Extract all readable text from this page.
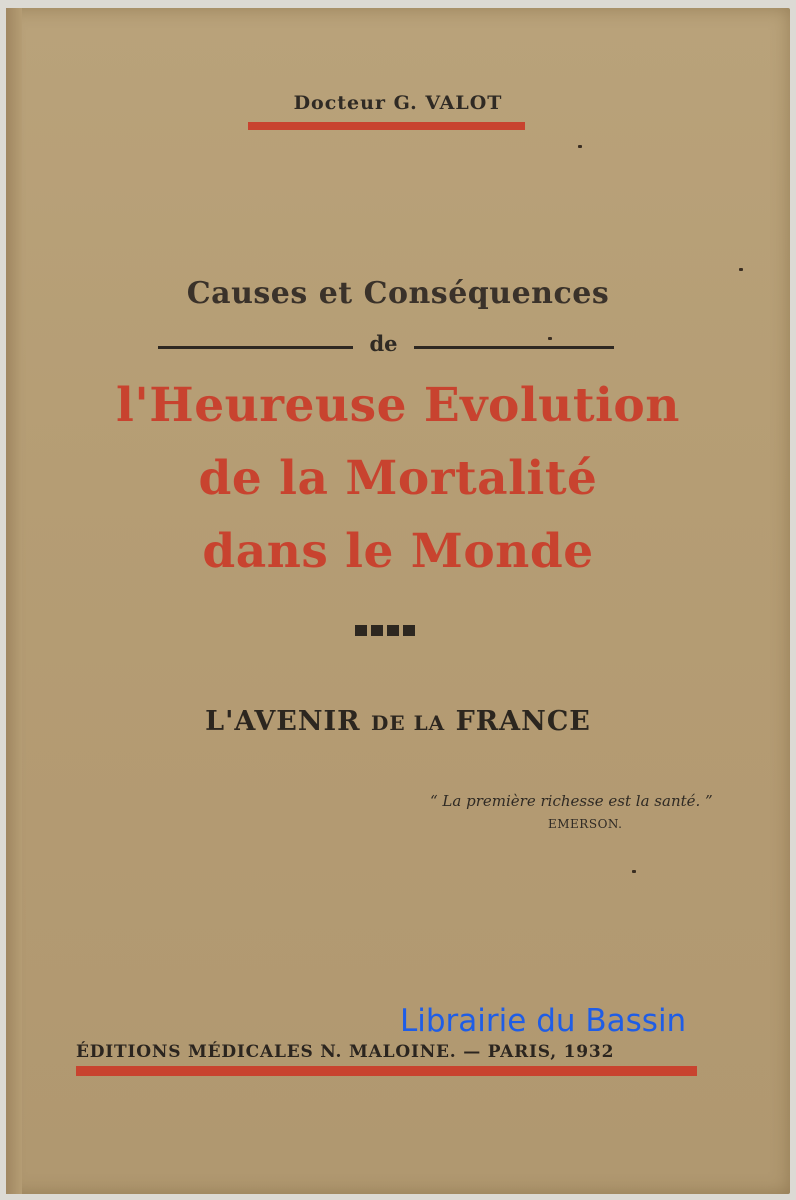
Docteur G. VALOT
Causes et Conséquences
de
l'Heureuse Evolution
de la Mortalité
dans le Monde
L'AVENIR DE LA FRANCE
“ La première richesse est la santé. ”
EMERSON.
Librairie du Bassin
ÉDITIONS MÉDICALES N. MALOINE. — PARIS, 1932
